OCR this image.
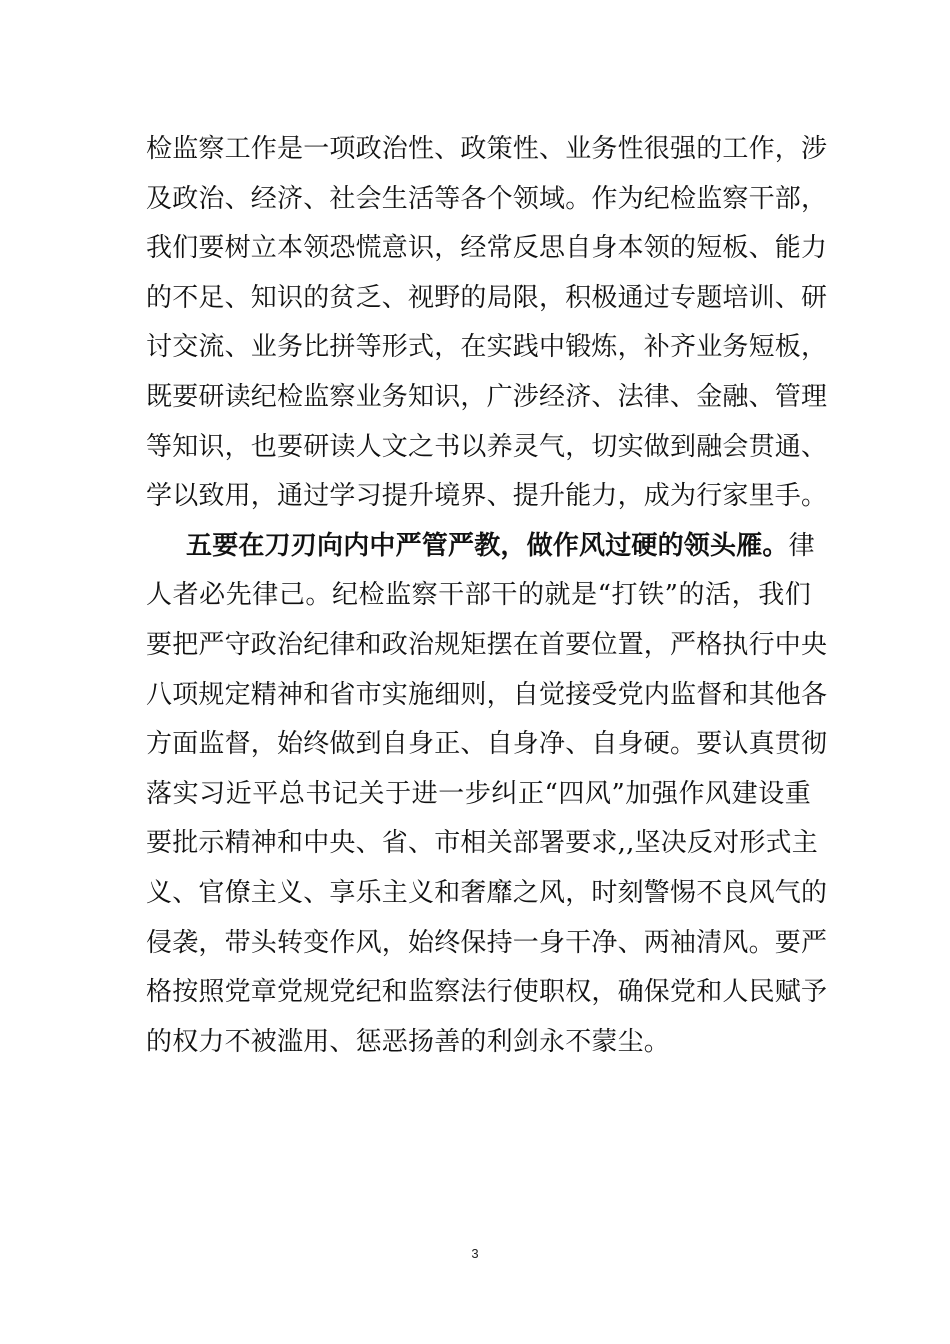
检监察工作是一项政治性、政策性、业务性很强的工作，涉
及政治、经济、社会生活等各个领域。作为纪检监察干部，
我们要树立本领恐慌意识，经常反思自身本领的短板、能力
的不足、知识的贫乏、视野的局限，积极通过专题培训、研
讨交流、业务比拼等形式，在实践中锻炼，补齐业务短板，
既要研读纪检监察业务知识，广涉经济、法律、金融、管理
等知识，也要研读人文之书以养灵气，切实做到融会贯通、
学以致用，通过学习提升境界、提升能力，成为行家里手。
五要在刀刃向内中严管严教，做作风过硬的领头雁。律
人者必先律己。纪检监察干部干的就是“打铁”的活，我们
要把严守政治纪律和政治规矩摆在首要位置，严格执行中央
八项规定精神和省市实施细则，自觉接受党内监督和其他各
方面监督，始终做到自身正、自身净、自身硬。要认真贯彻
落实习近平总书记关于进一步纠正“四风”加强作风建设重
要批示精神和中央、省、市相关部署要求,,坚决反对形式主
义、官僚主义、享乐主义和奢靡之风，时刻警惕不良风气的
侵袭，带头转变作风，始终保持一身干净、两袖清风。要严
格按照党章党规党纪和监察法行使职权，确保党和人民赋予
的权力不被滥用、惩恶扬善的利剑永不蒙尘。
3
